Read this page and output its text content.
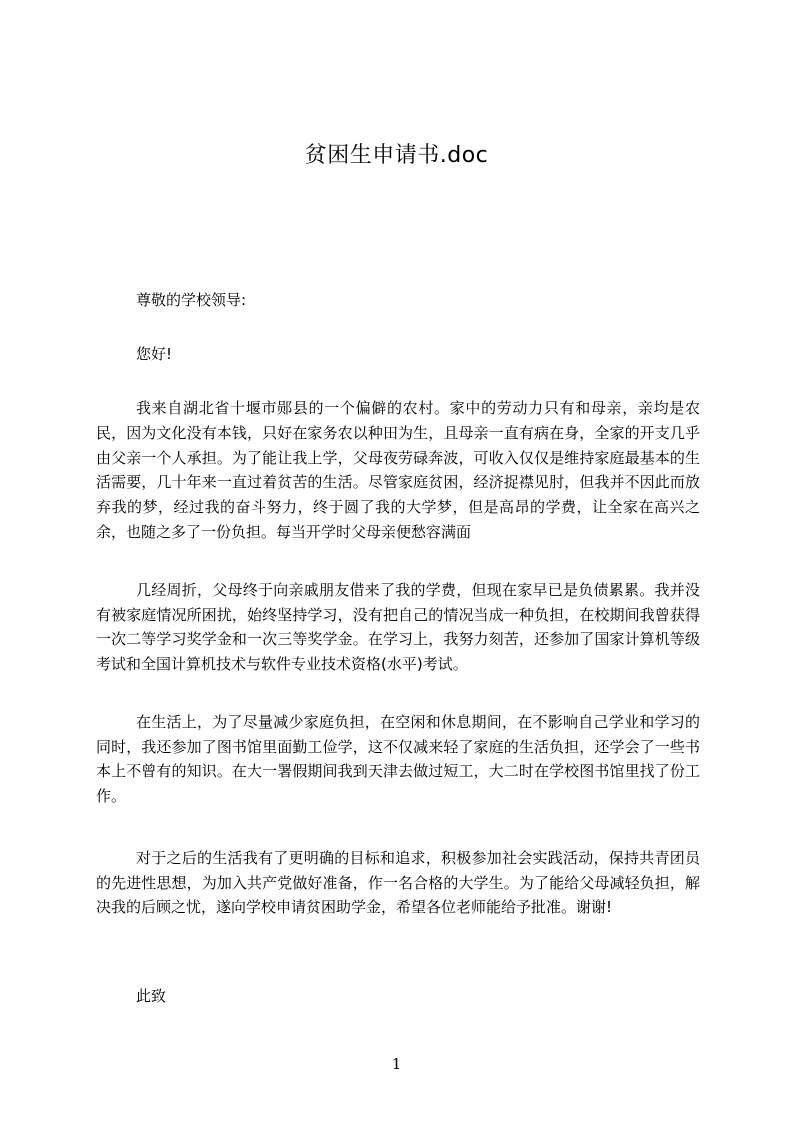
贫困生申请书.doc
尊敬的学校领导:
您好!
我来自湖北省十堰市郧县的一个偏僻的农村。家中的劳动力只有和母亲，亲均是农民，因为文化没有本钱，只好在家务农以种田为生，且母亲一直有病在身，全家的开支几乎由父亲一个人承担。为了能让我上学，父母夜劳碌奔波，可收入仅仅是维持家庭最基本的生活需要，几十年来一直过着贫苦的生活。尽管家庭贫困，经济捉襟见肘，但我并不因此而放弃我的梦，经过我的奋斗努力，终于圆了我的大学梦，但是高昂的学费，让全家在高兴之余，也随之多了一份负担。每当开学时父母亲便愁容满面
几经周折，父母终于向亲戚朋友借来了我的学费，但现在家早已是负债累累。我并没有被家庭情况所困扰，始终坚持学习，没有把自己的情况当成一种负担，在校期间我曾获得一次二等学习奖学金和一次三等奖学金。在学习上，我努力刻苦，还参加了国家计算机等级考试和全国计算机技术与软件专业技术资格(水平)考试。
在生活上，为了尽量减少家庭负担，在空闲和休息期间，在不影响自己学业和学习的同时，我还参加了图书馆里面勤工俭学，这不仅减来轻了家庭的生活负担，还学会了一些书本上不曾有的知识。在大一署假期间我到天津去做过短工，大二时在学校图书馆里找了份工作。
对于之后的生活我有了更明确的目标和追求，积极参加社会实践活动，保持共青团员的先进性思想，为加入共产党做好准备，作一名合格的大学生。为了能给父母减轻负担，解决我的后顾之忧，遂向学校申请贫困助学金，希望各位老师能给予批准。谢谢!
此致
1
